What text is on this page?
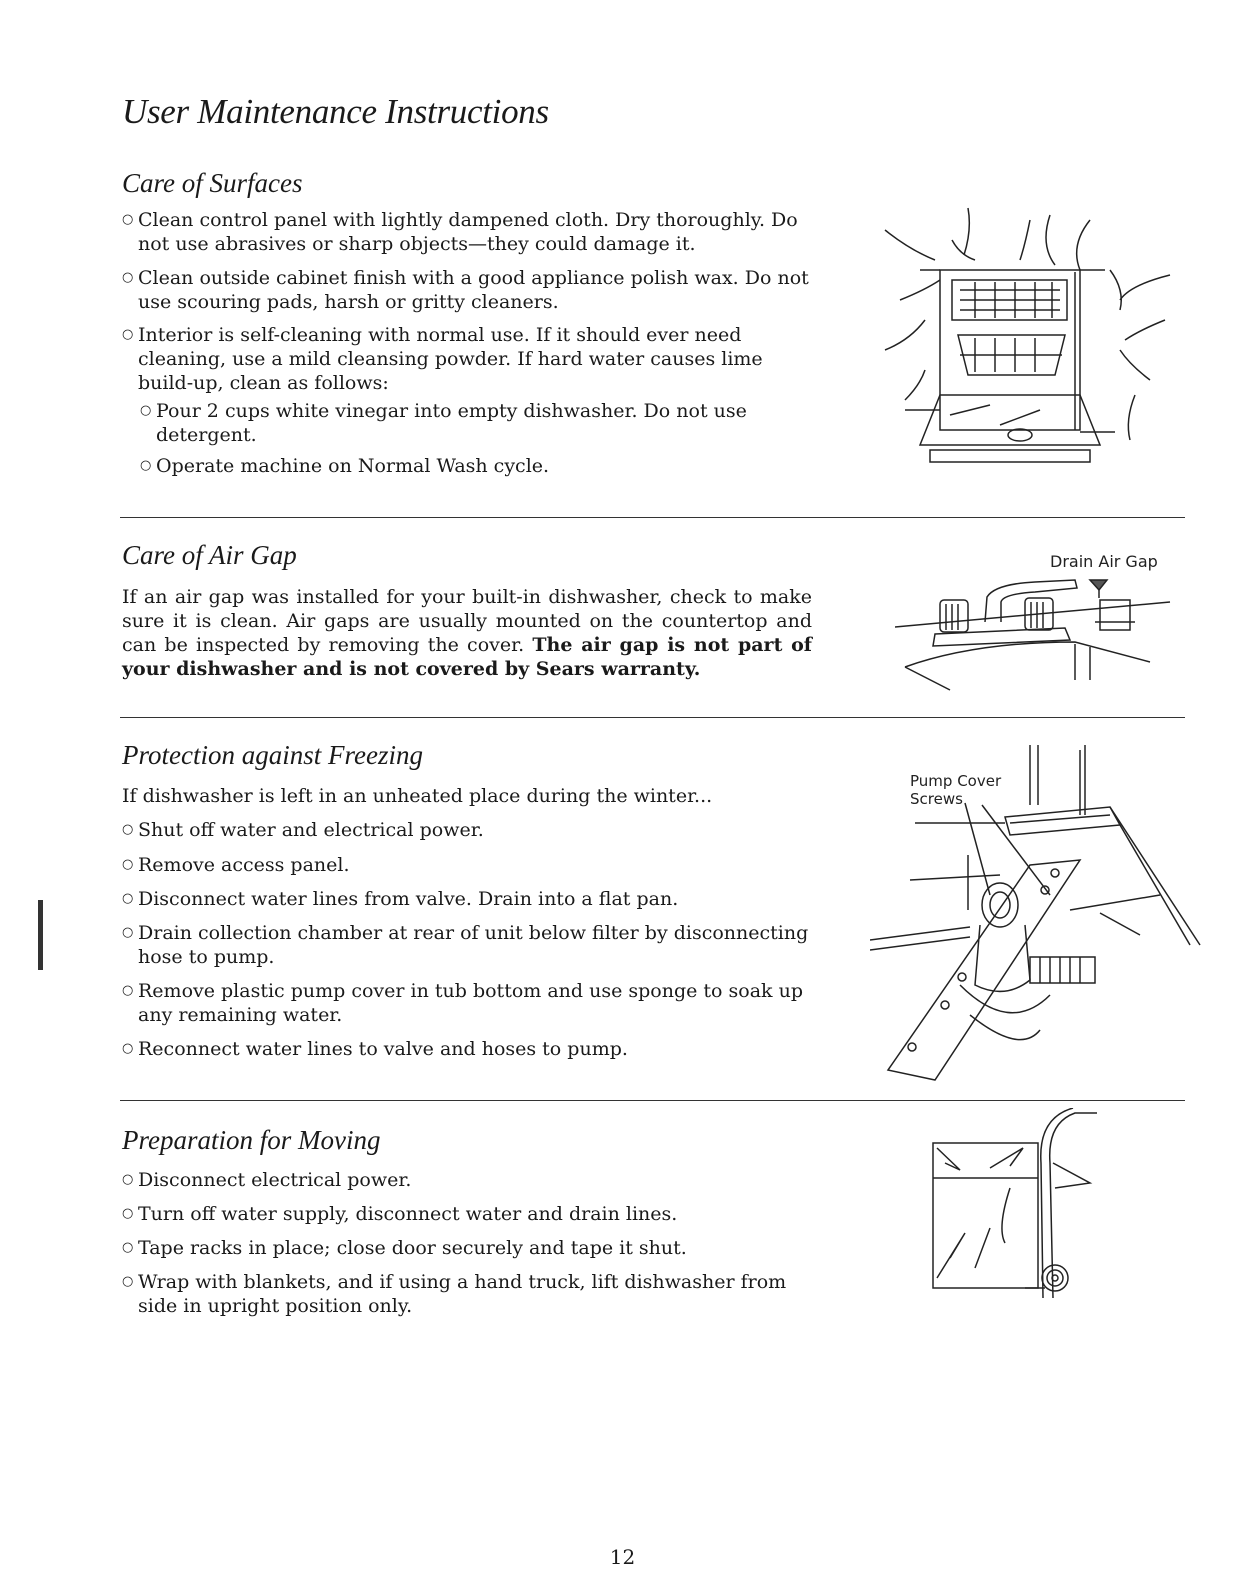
User Maintenance Instructions
Care of Surfaces
○ Clean control panel with lightly dampened cloth. Dry thoroughly. Do not use abrasives or sharp objects—they could damage it.
○ Clean outside cabinet finish with a good appliance polish wax. Do not use scouring pads, harsh or gritty cleaners.
○ Interior is self-cleaning with normal use. If it should ever need cleaning, use a mild cleansing powder. If hard water causes lime build-up, clean as follows:
○ Pour 2 cups white vinegar into empty dishwasher. Do not use detergent.
○ Operate machine on Normal Wash cycle.
Care of Air Gap

If an air gap was installed for your built-in dishwasher, check to make sure it is clean. Air gaps are usually mounted on the countertop and can be inspected by removing the cover. The air gap is not part of your dishwasher and is not covered by Sears warranty.

Drain Air Gap
Protection against Freezing

If dishwasher is left in an unheated place during the winter...

○ Shut off water and electrical power.
○ Remove access panel.
○ Disconnect water lines from valve. Drain into a flat pan.
○ Drain collection chamber at rear of unit below filter by disconnecting hose to pump.
○ Remove plastic pump cover in tub bottom and use sponge to soak up any remaining water.
○ Reconnect water lines to valve and hoses to pump.
Pump Cover
Screws
Preparation for Moving
○ Disconnect electrical power.
○ Turn off water supply, disconnect water and drain lines.
○ Tape racks in place; close door securely and tape it shut.
○ Wrap with blankets, and if using a hand truck, lift dishwasher from side in upright position only.
12
